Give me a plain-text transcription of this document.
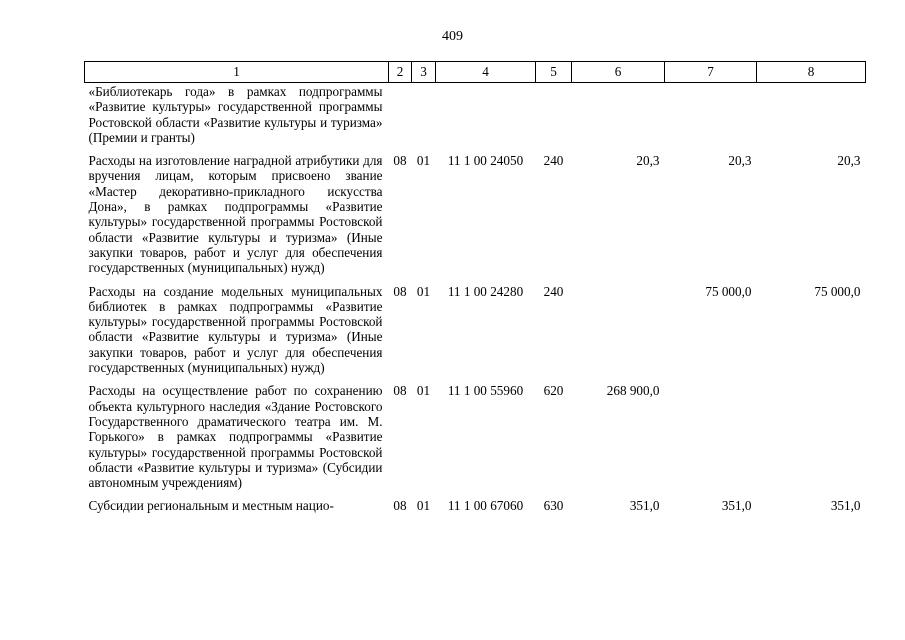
409
1	2	3	4	5	6	7	8
«Библиотекарь года» в рамках подпрограммы «Развитие культуры» государственной программы Ростовской области «Развитие культуры и туризма» (Премии и гранты)							
Расходы на изготовление наградной атрибутики для вручения лицам, которым присвоено звание «Мастер декоративно-прикладного искусства Дона», в рамках подпрограммы «Развитие культуры» государственной программы Ростовской области «Развитие культуры и туризма» (Иные закупки товаров, работ и услуг для обеспечения государственных (муниципальных) нужд)	08	01	11 1 00 24050	240	20,3	20,3	20,3
Расходы на создание модельных муниципальных библиотек в рамках подпрограммы «Развитие культуры» государственной программы Ростовской области «Развитие культуры и туризма» (Иные закупки товаров, работ и услуг для обеспечения государственных (муниципальных) нужд)	08	01	11 1 00 24280	240		75 000,0	75 000,0
Расходы на осуществление работ по сохранению объекта культурного наследия «Здание Ростовского Государственного драматического театра им. М. Горького» в рамках подпрограммы «Развитие культуры» государственной программы Ростовской области «Развитие культуры и туризма» (Субсидии автономным учреждениям)	08	01	11 1 00 55960	620	268 900,0		
Субсидии региональным и местным нацио-	08	01	11 1 00 67060	630	351,0	351,0	351,0
